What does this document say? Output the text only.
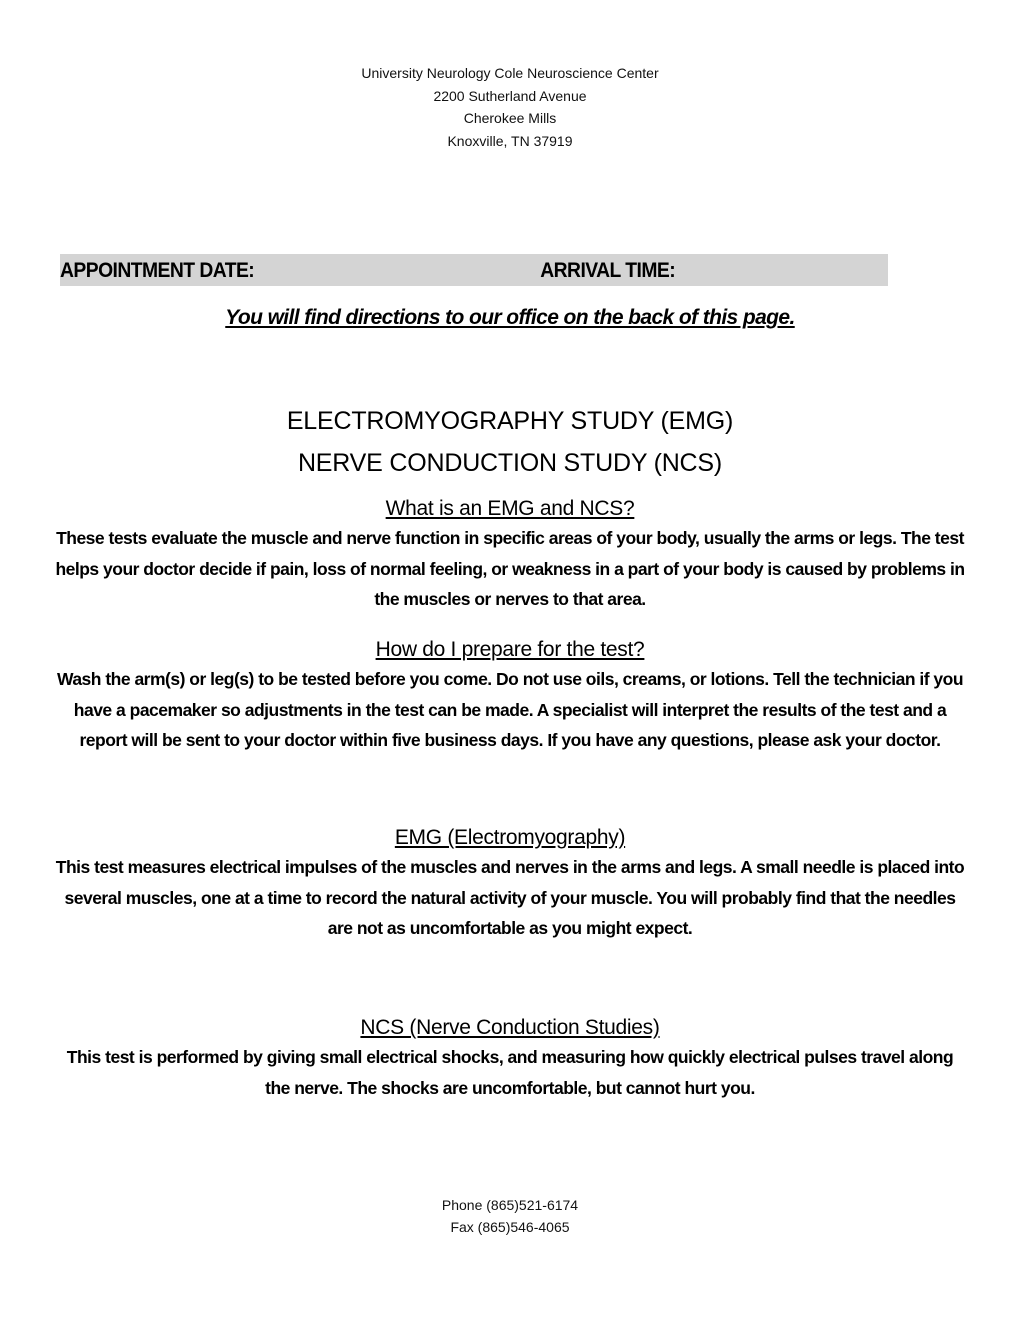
University Neurology Cole Neuroscience Center
2200 Sutherland Avenue
Cherokee Mills
Knoxville, TN 37919
APPOINTMENT DATE:	ARRIVAL TIME:
You will find directions to our office on the back of this page.
ELECTROMYOGRAPHY STUDY (EMG)
NERVE CONDUCTION STUDY (NCS)
What is an EMG and NCS?
These tests evaluate the muscle and nerve function in specific areas of your body, usually the arms or legs. The test helps your doctor decide if pain, loss of normal feeling, or weakness in a part of your body is caused by problems in the muscles or nerves to that area.
How do I prepare for the test?
Wash the arm(s) or leg(s) to be tested before you come. Do not use oils, creams, or lotions. Tell the technician if you have a pacemaker so adjustments in the test can be made. A specialist will interpret the results of the test and a report will be sent to your doctor within five business days. If you have any questions, please ask your doctor.
EMG (Electromyography)
This test measures electrical impulses of the muscles and nerves in the arms and legs. A small needle is placed into several muscles, one at a time to record the natural activity of your muscle. You will probably find that the needles are not as uncomfortable as you might expect.
NCS (Nerve Conduction Studies)
This test is performed by giving small electrical shocks, and measuring how quickly electrical pulses travel along the nerve. The shocks are uncomfortable, but cannot hurt you.
Phone (865)521-6174
Fax (865)546-4065
